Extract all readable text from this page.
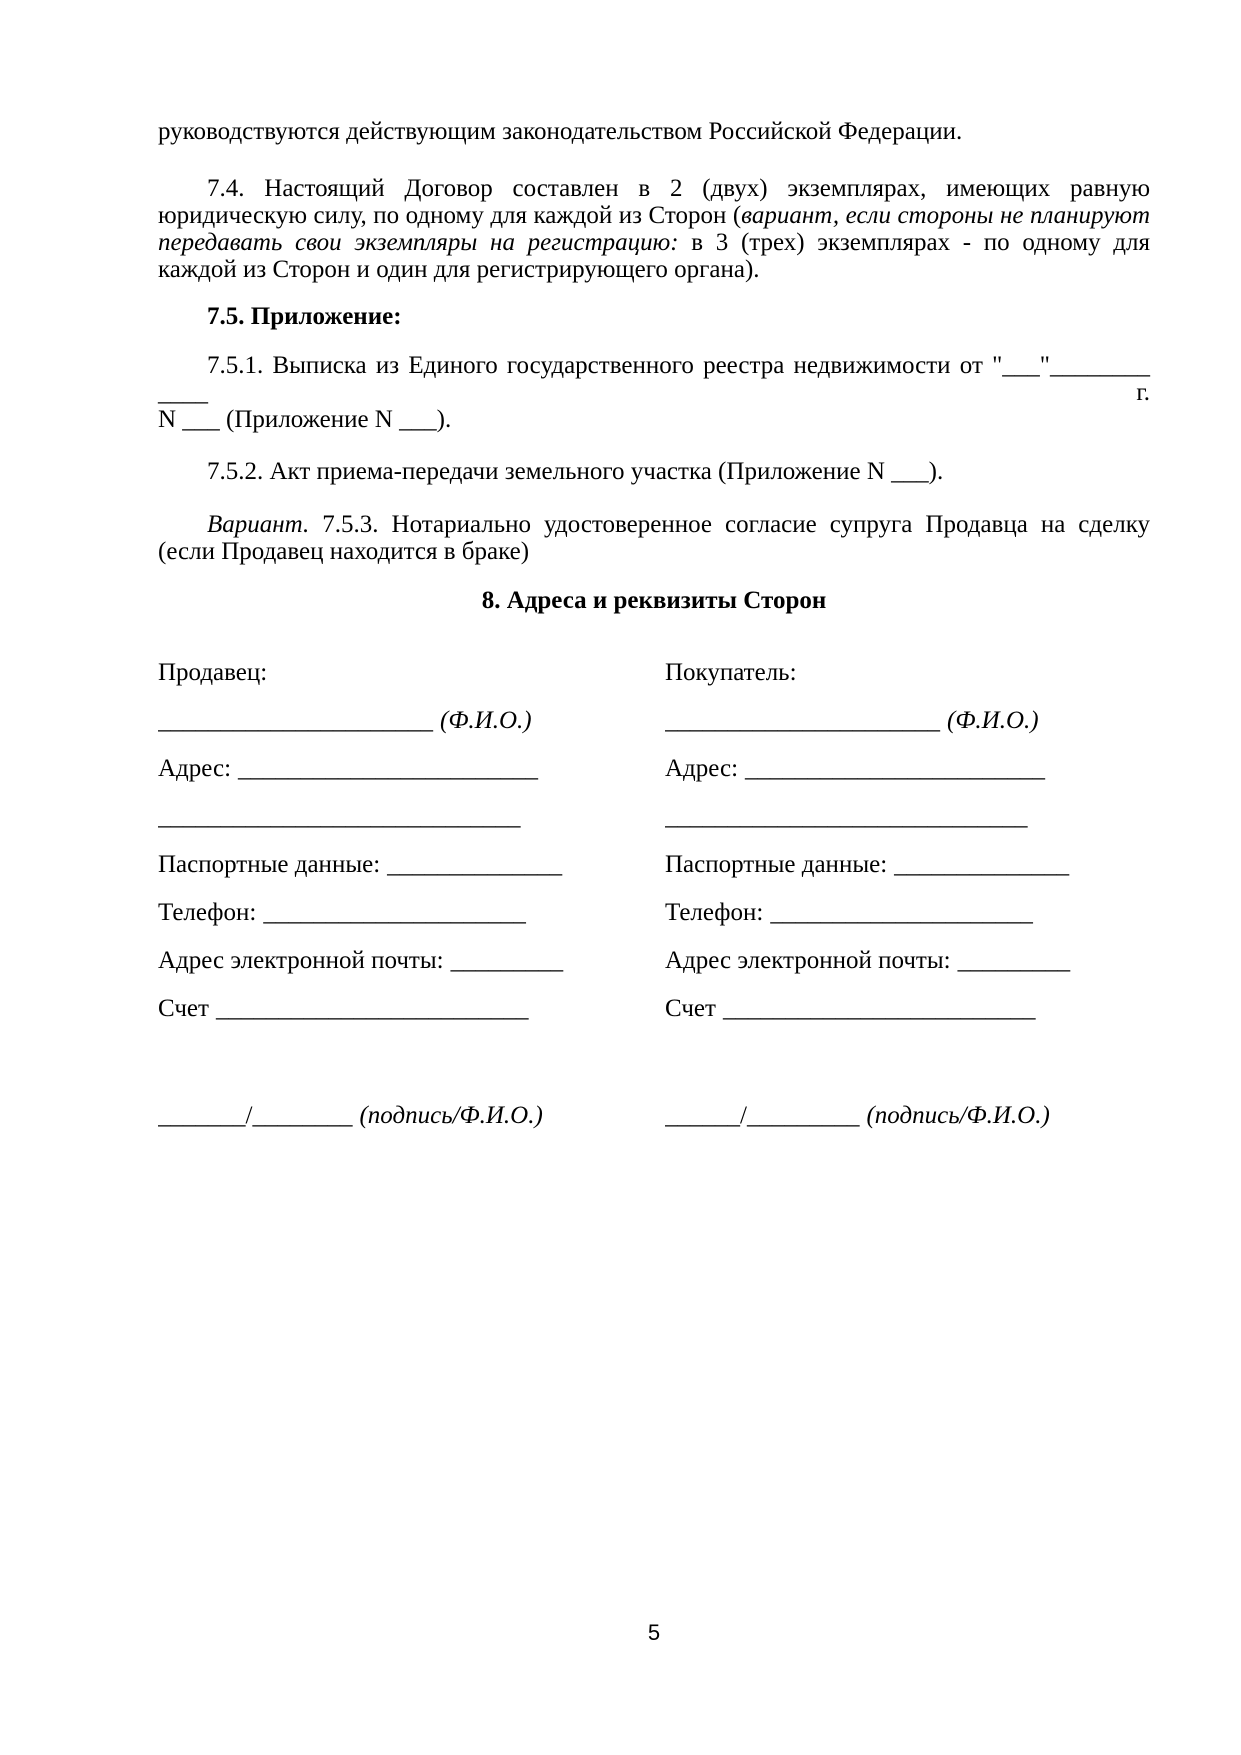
руководствуются действующим законодательством Российской Федерации.

7.4. Настоящий Договор составлен в 2 (двух) экземплярах, имеющих равную юридическую силу, по одному для каждой из Сторон (вариант, если стороны не планируют передавать свои экземпляры на регистрацию: в 3 (трех) экземплярах - по одному для каждой из Сторон и один для регистрирующего органа).

7.5. Приложение:

7.5.1. Выписка из Единого государственного реестра недвижимости от "___"________ ____ г.
N ___ (Приложение N ___).

7.5.2. Акт приема-передачи земельного участка (Приложение N ___).

Вариант. 7.5.3. Нотариально удостоверенное согласие супруга Продавца на сделку (если Продавец находится в браке)

8. Адреса и реквизиты Сторон

Продавец:
______________________ (Ф.И.О.)
Адрес: ________________________
_____________________________
Паспортные данные: ______________
Телефон: _____________________
Адрес электронной почты: _________
Счет _________________________
_______/________ (подпись/Ф.И.О.)
Покупатель:
______________________ (Ф.И.О.)
Адрес: ________________________
_____________________________
Паспортные данные: ______________
Телефон: _____________________
Адрес электронной почты: _________
Счет _________________________
______/_________ (подпись/Ф.И.О.)
5
